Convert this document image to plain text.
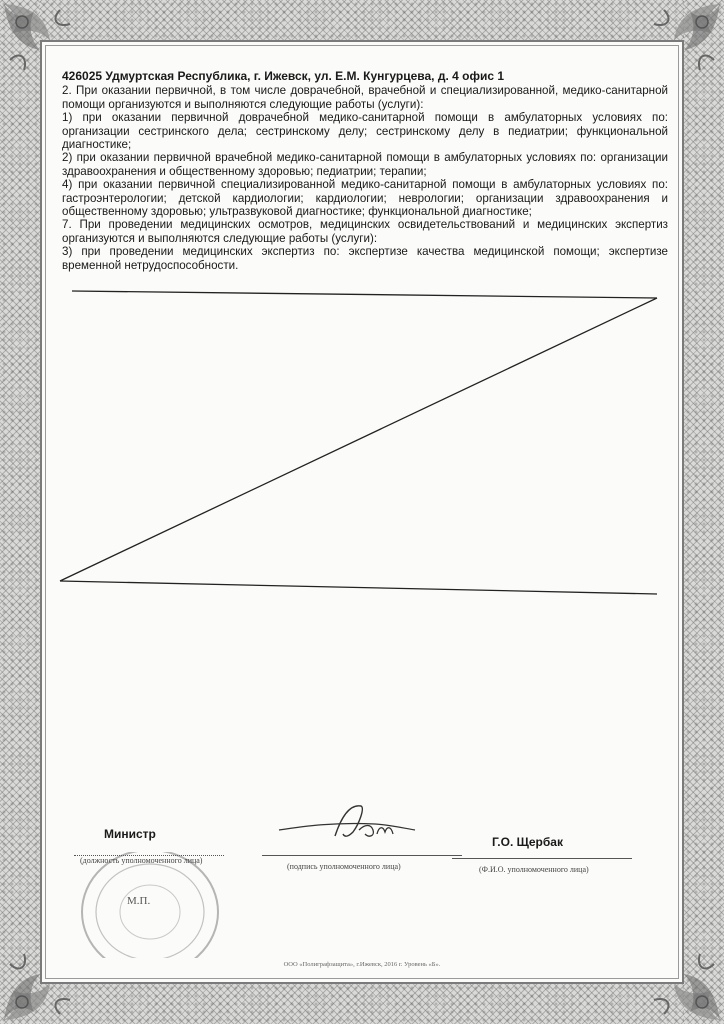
426025 Удмуртская Республика, г. Ижевск, ул. Е.М. Кунгурцева, д. 4 офис 1

2. При оказании первичной, в том числе доврачебной, врачебной и специализированной, медико-санитарной помощи организуются и выполняются следующие работы (услуги):

1) при оказании первичной доврачебной медико-санитарной помощи в амбулаторных условиях по: организации сестринского дела; сестринскому делу; сестринскому делу в педиатрии; функциональной диагностике;

2) при оказании первичной врачебной медико-санитарной помощи в амбулаторных условиях по: организации здравоохранения и общественному здоровью; педиатрии; терапии;

4) при оказании первичной специализированной медико-санитарной помощи в амбулаторных условиях по: гастроэнтерологии; детской кардиологии; кардиологии; неврологии; организации здравоохранения и общественному здоровью; ультразвуковой диагностике; функциональной диагностике;

7. При проведении медицинских осмотров, медицинских освидетельствований и медицинских экспертиз организуются и выполняются следующие работы (услуги):

3) при проведении медицинских экспертиз по: экспертизе качества медицинской помощи; экспертизе временной нетрудоспособности.

М.П.
Министр
(должность уполномоченного лица)
(подпись уполномоченного лица)
Г.О. Щербак
(Ф.И.О. уполномоченного лица)
ООО «Полиграфзащита», г.Ижевск, 2016 г. Уровень «Б».
